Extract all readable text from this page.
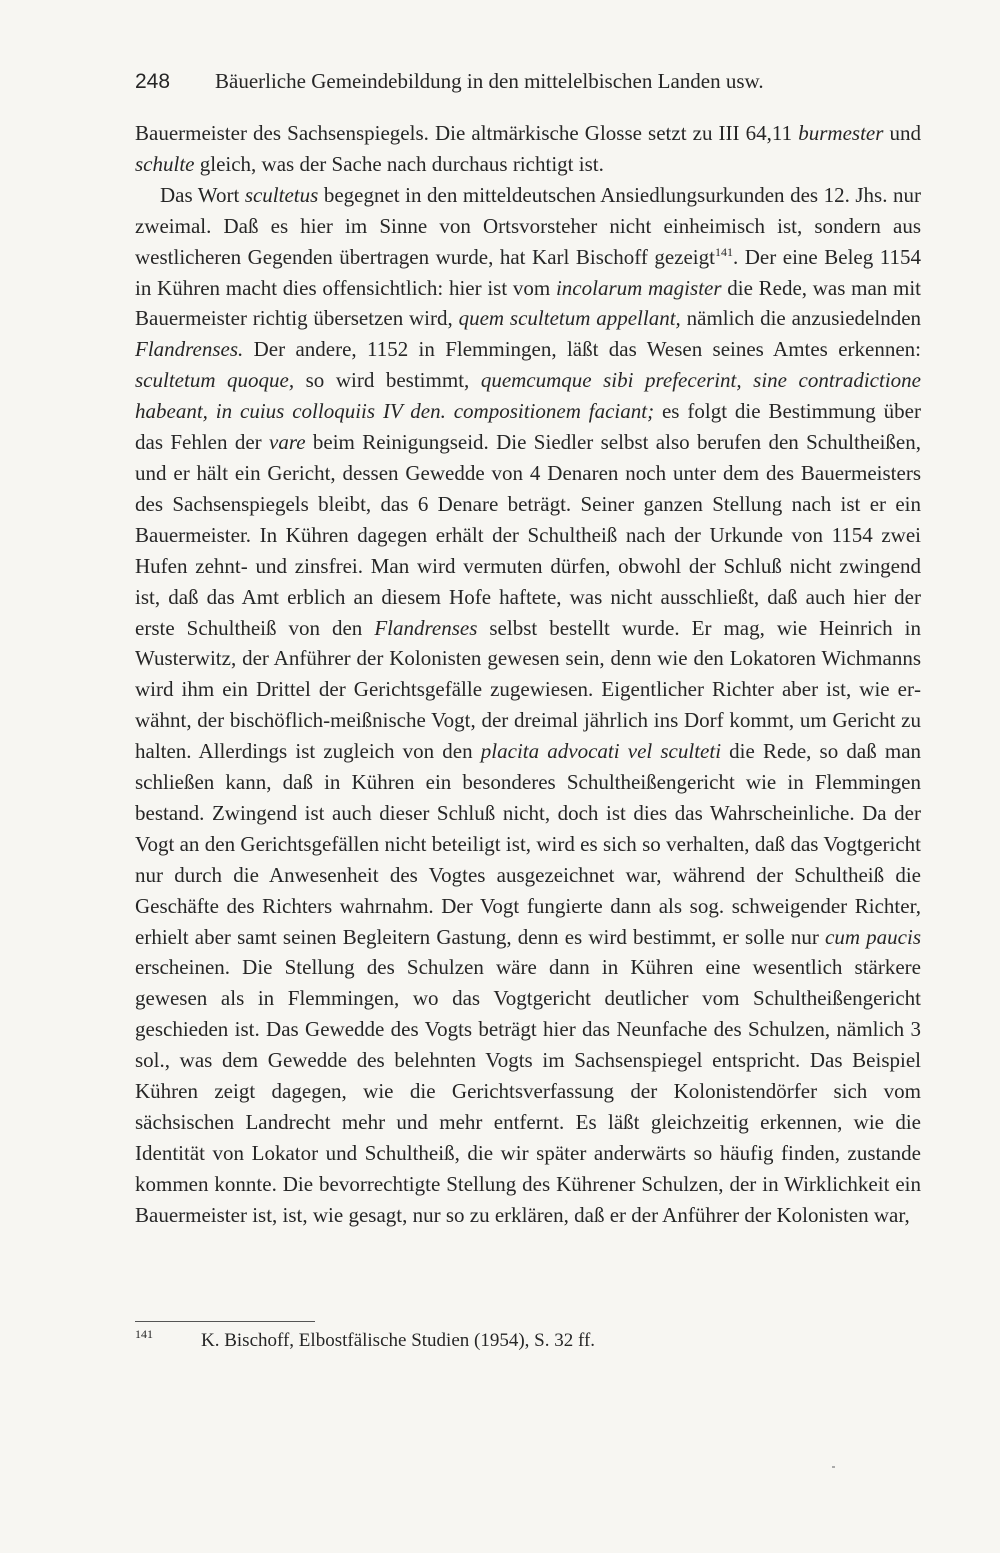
248 Bäuerliche Gemeindebildung in den mittelelbischen Landen usw.

Bauermeister des Sachsenspiegels. Die altmärkische Glosse setzt zu III 64,11 burmester und schulte gleich, was der Sache nach durchaus richtigt ist.

Das Wort scultetus begegnet in den mitteldeutschen Ansiedlungsurkunden des 12. Jhs. nur zweimal. Daß es hier im Sinne von Ortsvorsteher nicht einheimisch ist, sondern aus westlicheren Gegenden übertragen wurde, hat Karl Bischoff gezeigt$^{141}$. Der eine Beleg 1154 in Kühren macht dies offensichtlich: hier ist vom incolarum magister die Rede, was man mit Bauermeister richtig übersetzen wird, quem scultetum appellant, nämlich die anzusiedelnden Flandrenses. Der andere, 1152 in Flemmingen, läßt das Wesen seines Amtes erkennen: scultetum quoque, so wird bestimmt, quemcumque sibi prefecerint, sine contradictione habeant, in cuius colloquiis IV den. compositionem faciant; es folgt die Bestimmung über das Fehlen der vare beim Reinigungseid. Die Siedler selbst also berufen den Schultheißen, und er hält ein Gericht, dessen Gewedde von 4 Denaren noch unter dem des Bauermeisters des Sachsenspiegels bleibt, das 6 Denare beträgt. Seiner ganzen Stellung nach ist er ein Bauermeister. In Kühren dagegen erhält der Schultheiß nach der Urkunde von 1154 zwei Hufen zehnt- und zinsfrei. Man wird vermuten dürfen, obwohl der Schluß nicht zwingend ist, daß das Amt erblich an diesem Hofe haftete, was nicht ausschließt, daß auch hier der erste Schultheiß von den Flandrenses selbst bestellt wurde. Er mag, wie Heinrich in Wusterwitz, der Anführer der Kolonisten gewesen sein, denn wie den Lokatoren Wichmanns wird ihm ein Drittel der Gerichtsgefälle zugewiesen. Eigentlicher Richter aber ist, wie erwähnt, der bischöflich-meißnische Vogt, der dreimal jährlich ins Dorf kommt, um Gericht zu halten. Allerdings ist zugleich von den placita advocati vel sculteti die Rede, so daß man schließen kann, daß in Kühren ein besonderes Schultheißengericht wie in Flemmingen bestand. Zwingend ist auch dieser Schluß nicht, doch ist dies das Wahrscheinliche. Da der Vogt an den Gerichtsgefällen nicht beteiligt ist, wird es sich so verhalten, daß das Vogtgericht nur durch die Anwesenheit des Vogtes ausgezeichnet war, während der Schultheiß die Geschäfte des Richters wahrnahm. Der Vogt fungierte dann als sog. schweigender Richter, erhielt aber samt seinen Begleitern Gastung, denn es wird bestimmt, er solle nur cum paucis erscheinen. Die Stellung des Schulzen wäre dann in Kühren eine wesentlich stärkere gewesen als in Flemmingen, wo das Vogtgericht deutlicher vom Schultheißengericht geschieden ist. Das Gewedde des Vogts beträgt hier das Neunfache des Schulzen, nämlich 3 sol., was dem Gewedde des belehnten Vogts im Sachsenspiegel entspricht. Das Beispiel Kühren zeigt dagegen, wie die Gerichtsverfassung der Kolonistendörfer sich vom sächsischen Landrecht mehr und mehr entfernt. Es läßt gleichzeitig erkennen, wie die Identität von Lokator und Schultheiß, die wir später anderwärts so häufig finden, zustande kommen konnte. Die bevorrechtigte Stellung des Kührener Schulzen, der in Wirklichkeit ein Bauermeister ist, ist, wie gesagt, nur so zu erklären, daß er der Anführer der Kolonisten war,

$^{141}$	K. Bischoff, Elbostfälische Studien (1954), S. 32 ff.
